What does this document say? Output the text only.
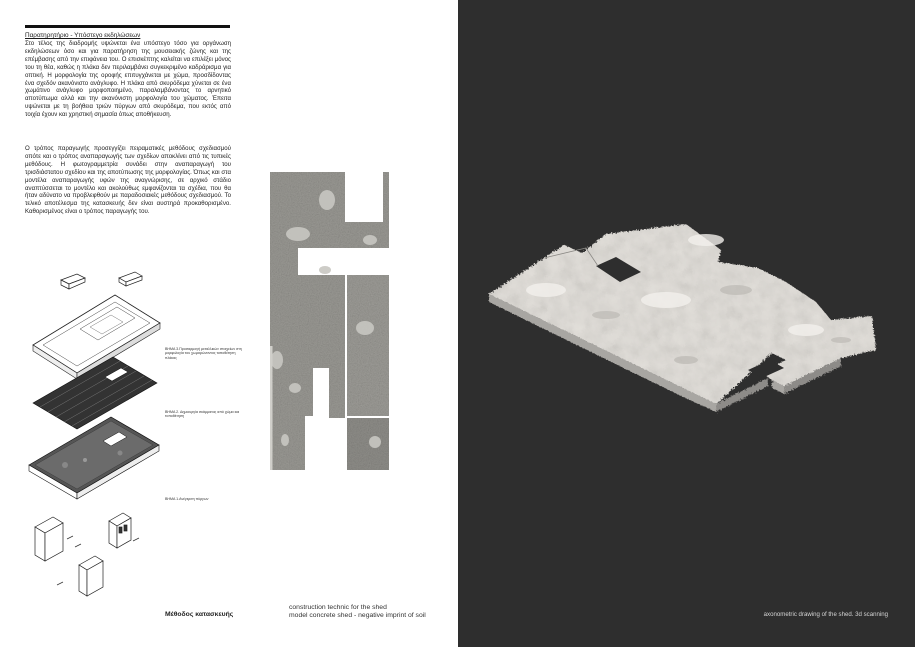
Παρατηρητήριο - Υπόστεγο εκδηλώσεων

Στο τέλος της διαδρομής υψώνεται ένα υπόστεγο τόσο για οργάνωση εκδηλώσεων όσο και για παρατήρηση της μουσειακής ζώνης και της επέμβασης από την επιφάνεια του. Ο επισκέπτης καλείται να επιλέξει μόνος του τη θέα, καθώς η πλάκα δεν περιλαμβάνει συγκεκριμένο καδράρισμα για οπτική. Η μορφολογία της οροφής επιτυγχάνεται με χώμα, προσδίδοντας ένα σχεδόν ακανόνιστο ανάγλυφο. Η πλάκα από σκυρόδεμα χύνεται σε ένα χωμάτινο ανάγλυφο μορφοποιημένο, παραλαμβάνοντας το αρνητικό αποτύπωμα αλλά και την ακανόνιστη μορφολογία του χώματος. Έπειτα υψώνεται με τη βοήθεια τριών πύργων από σκυρόδεμα, που εκτός από τοιχία έχουν και χρηστική σημασία όπως αποθήκευση.

Ο τρόπος παραγωγής προσεγγίζει πειραματικές μεθόδους σχεδιασμού οπότε και ο τρόπος αναπαραγωγής των σχεδίων αποκλίνει από τις τυπικές μεθόδους. Η φωτογραμμετρία συνάδει στην αναπαραγωγή του τρισδιάστατου σχεδίου και της αποτύπωσης της μορφολογίας. Όπως και στα μοντέλα αναπαραγωγής υφών της αναγνώρισης, σε αρχικό στάδιο αναπτύσσεται το μοντέλο και ακολούθως εμφανίζονται τα σχέδια, που θα ήταν αδύνατο να προβλεφθούν με παραδοσιακές μεθόδους σχεδιασμού. Το τελικό αποτέλεσμα της κατασκευής δεν είναι αυστηρά προκαθορισμένο. Καθορισμένος είναι ο τρόπος παραγωγής του.

ΒΗΜΑ 3.Προσαρμογή μεταλλικών στοιχείων στη μορφολογία του χωμαρώνοντας τοποθέτηση πλάκας
ΒΗΜΑ 2. Δημιουργία σκάμματος από χώμα και τοποθέτηση
ΒΗΜΑ 1.Ανέγερση πύργων
Μέθοδος κατασκευής
construction technic for the shed
model concrete shed - negative imprint of soil	axonometric drawing of the shed. 3d scanning
